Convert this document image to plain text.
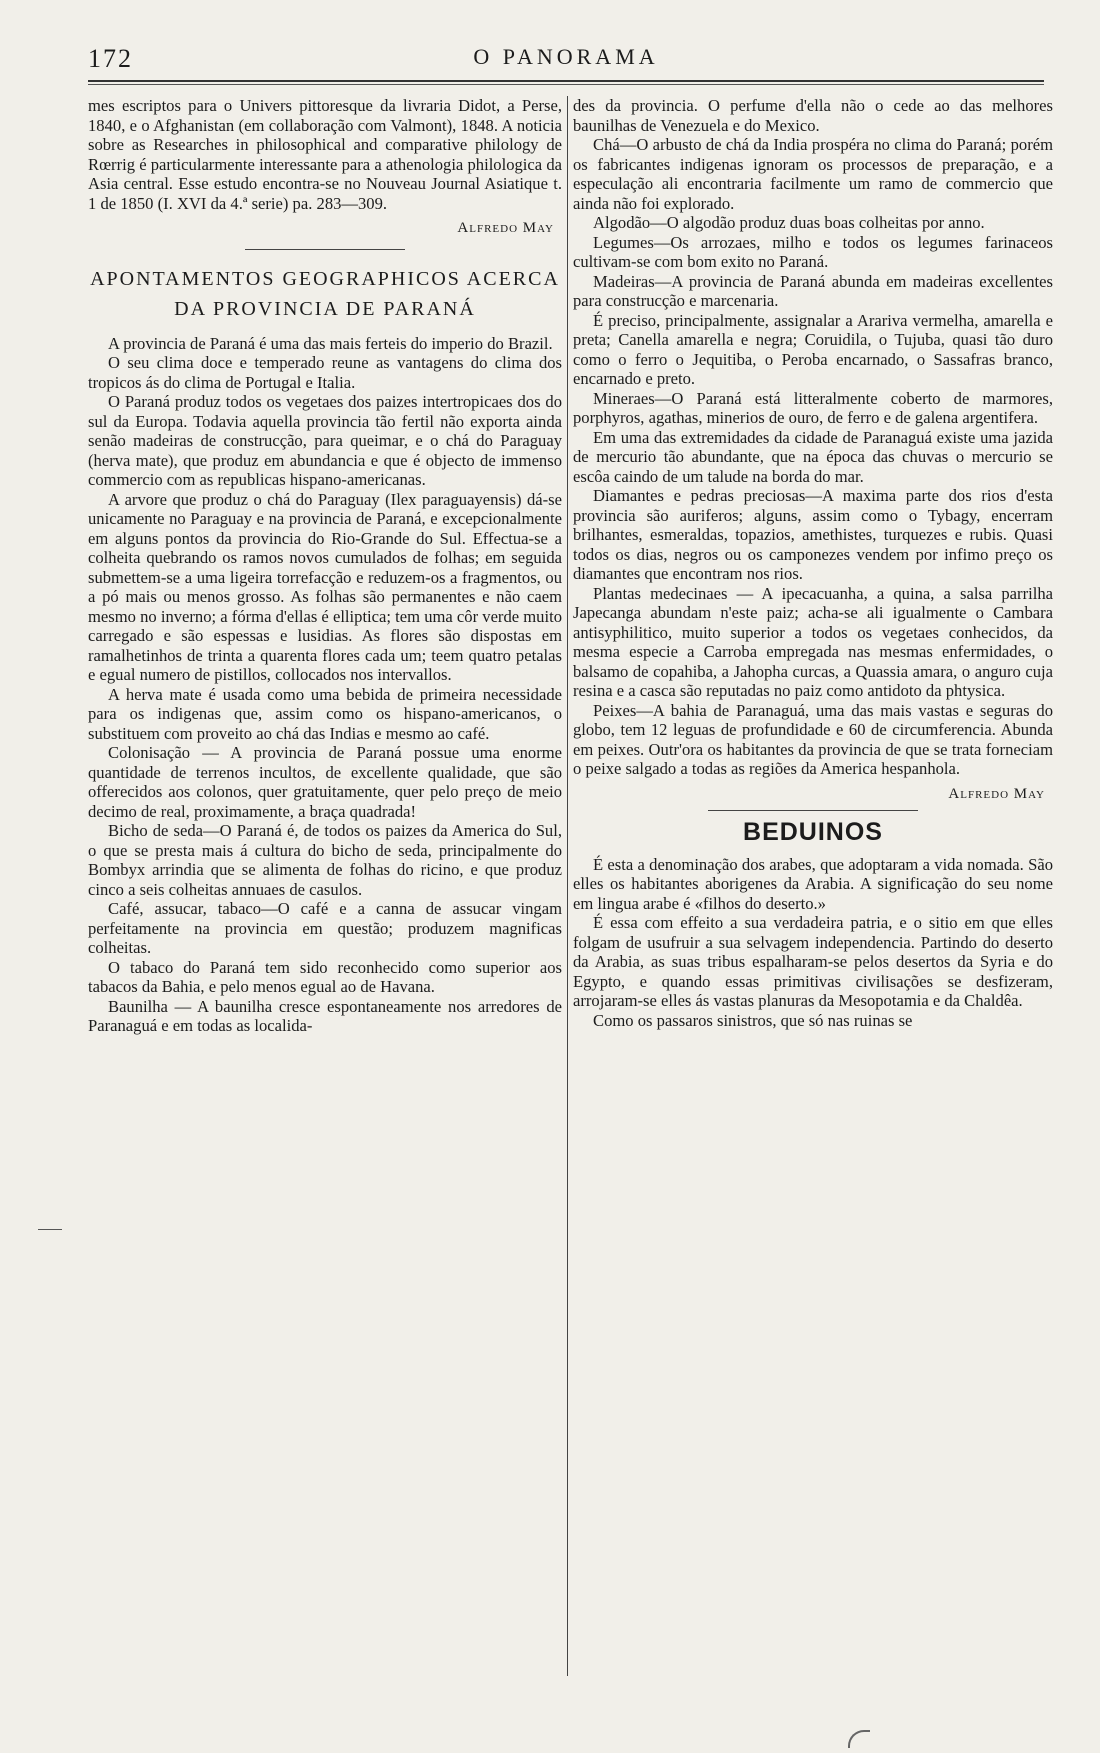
172	O PANORAMA

mes escriptos para o Univers pittoresque da livraria Didot, a Perse, 1840, e o Afghanistan (em collaboração com Valmont), 1848. A noticia sobre as Researches in philosophical and comparative philology de Rœrrig é particularmente interessante para a athenologia philologica da Asia central. Esse estudo encontra-se no Nouveau Journal Asiatique t. 1 de 1850 (I. XVI da 4.ª serie) pa. 283—309.

Alfredo May
APONTAMENTOS GEOGRAPHICOS ACERCA
DA PROVINCIA DE PARANÁ

A provincia de Paraná é uma das mais ferteis do imperio do Brazil.

O seu clima doce e temperado reune as vantagens do clima dos tropicos ás do clima de Portugal e Italia.

O Paraná produz todos os vegetaes dos paizes intertropicaes dos do sul da Europa. Todavia aquella provincia tão fertil não exporta ainda senão madeiras de construcção, para queimar, e o chá do Paraguay (herva mate), que produz em abundancia e que é objecto de immenso commercio com as republicas hispano-americanas.

A arvore que produz o chá do Paraguay (Ilex paraguayensis) dá-se unicamente no Paraguay e na provincia de Paraná, e excepcionalmente em alguns pontos da provincia do Rio-Grande do Sul. Effectua-se a colheita quebrando os ramos novos cumulados de folhas; em seguida submettem-se a uma ligeira torrefacção e reduzem-os a fragmentos, ou a pó mais ou menos grosso. As folhas são permanentes e não caem mesmo no inverno; a fórma d'ellas é elliptica; tem uma côr verde muito carregado e são espessas e lusidias. As flores são dispostas em ramalhetinhos de trinta a quarenta flores cada um; teem quatro petalas e egual numero de pistillos, collocados nos intervallos.

A herva mate é usada como uma bebida de primeira necessidade para os indigenas que, assim como os hispano-americanos, o substituem com proveito ao chá das Indias e mesmo ao café.

Colonisação — A provincia de Paraná possue uma enorme quantidade de terrenos incultos, de excellente qualidade, que são offerecidos aos colonos, quer gratuitamente, quer pelo preço de meio decimo de real, proximamente, a braça quadrada!

Bicho de seda—O Paraná é, de todos os paizes da America do Sul, o que se presta mais á cultura do bicho de seda, principalmente do Bombyx arrindia que se alimenta de folhas do ricino, e que produz cinco a seis colheitas annuaes de casulos.

Café, assucar, tabaco—O café e a canna de assucar vingam perfeitamente na provincia em questão; produzem magnificas colheitas.

O tabaco do Paraná tem sido reconhecido como superior aos tabacos da Bahia, e pelo menos egual ao de Havana.

Baunilha — A baunilha cresce espontaneamente nos arredores de Paranaguá e em todas as localida-

des da provincia. O perfume d'ella não o cede ao das melhores baunilhas de Venezuela e do Mexico.

Chá—O arbusto de chá da India prospéra no clima do Paraná; porém os fabricantes indigenas ignoram os processos de preparação, e a especulação ali encontraria facilmente um ramo de commercio que ainda não foi explorado.

Algodão—O algodão produz duas boas colheitas por anno.

Legumes—Os arrozaes, milho e todos os legumes farinaceos cultivam-se com bom exito no Paraná.

Madeiras—A provincia de Paraná abunda em madeiras excellentes para construcção e marcenaria.

É preciso, principalmente, assignalar a Arariva vermelha, amarella e preta; Canella amarella e negra; Coruidila, o Tujuba, quasi tão duro como o ferro o Jequitiba, o Peroba encarnado, o Sassafras branco, encarnado e preto.

Mineraes—O Paraná está litteralmente coberto de marmores, porphyros, agathas, minerios de ouro, de ferro e de galena argentifera.

Em uma das extremidades da cidade de Paranaguá existe uma jazida de mercurio tão abundante, que na época das chuvas o mercurio se escôa caindo de um talude na borda do mar.

Diamantes e pedras preciosas—A maxima parte dos rios d'esta provincia são auriferos; alguns, assim como o Tybagy, encerram brilhantes, esmeraldas, topazios, amethistes, turquezes e rubis. Quasi todos os dias, negros ou os camponezes vendem por infimo preço os diamantes que encontram nos rios.

Plantas medecinaes — A ipecacuanha, a quina, a salsa parrilha Japecanga abundam n'este paiz; acha-se ali igualmente o Cambara antisyphilitico, muito superior a todos os vegetaes conhecidos, da mesma especie a Carroba empregada nas mesmas enfermidades, o balsamo de copahiba, a Jahopha curcas, a Quassia amara, o anguro cuja resina e a casca são reputadas no paiz como antidoto da phtysica.

Peixes—A bahia de Paranaguá, uma das mais vastas e seguras do globo, tem 12 leguas de profundidade e 60 de circumferencia. Abunda em peixes. Outr'ora os habitantes da provincia de que se trata forneciam o peixe salgado a todas as regiões da America hespanhola.

Alfredo May
BEDUINOS

É esta a denominação dos arabes, que adoptaram a vida nomada. São elles os habitantes aborigenes da Arabia. A significação do seu nome em lingua arabe é «filhos do deserto.»

É essa com effeito a sua verdadeira patria, e o sitio em que elles folgam de usufruir a sua selvagem independencia. Partindo do deserto da Arabia, as suas tribus espalharam-se pelos desertos da Syria e do Egypto, e quando essas primitivas civilisações se desfizeram, arrojaram-se elles ás vastas planuras da Mesopotamia e da Chaldêa.

Como os passaros sinistros, que só nas ruinas se
